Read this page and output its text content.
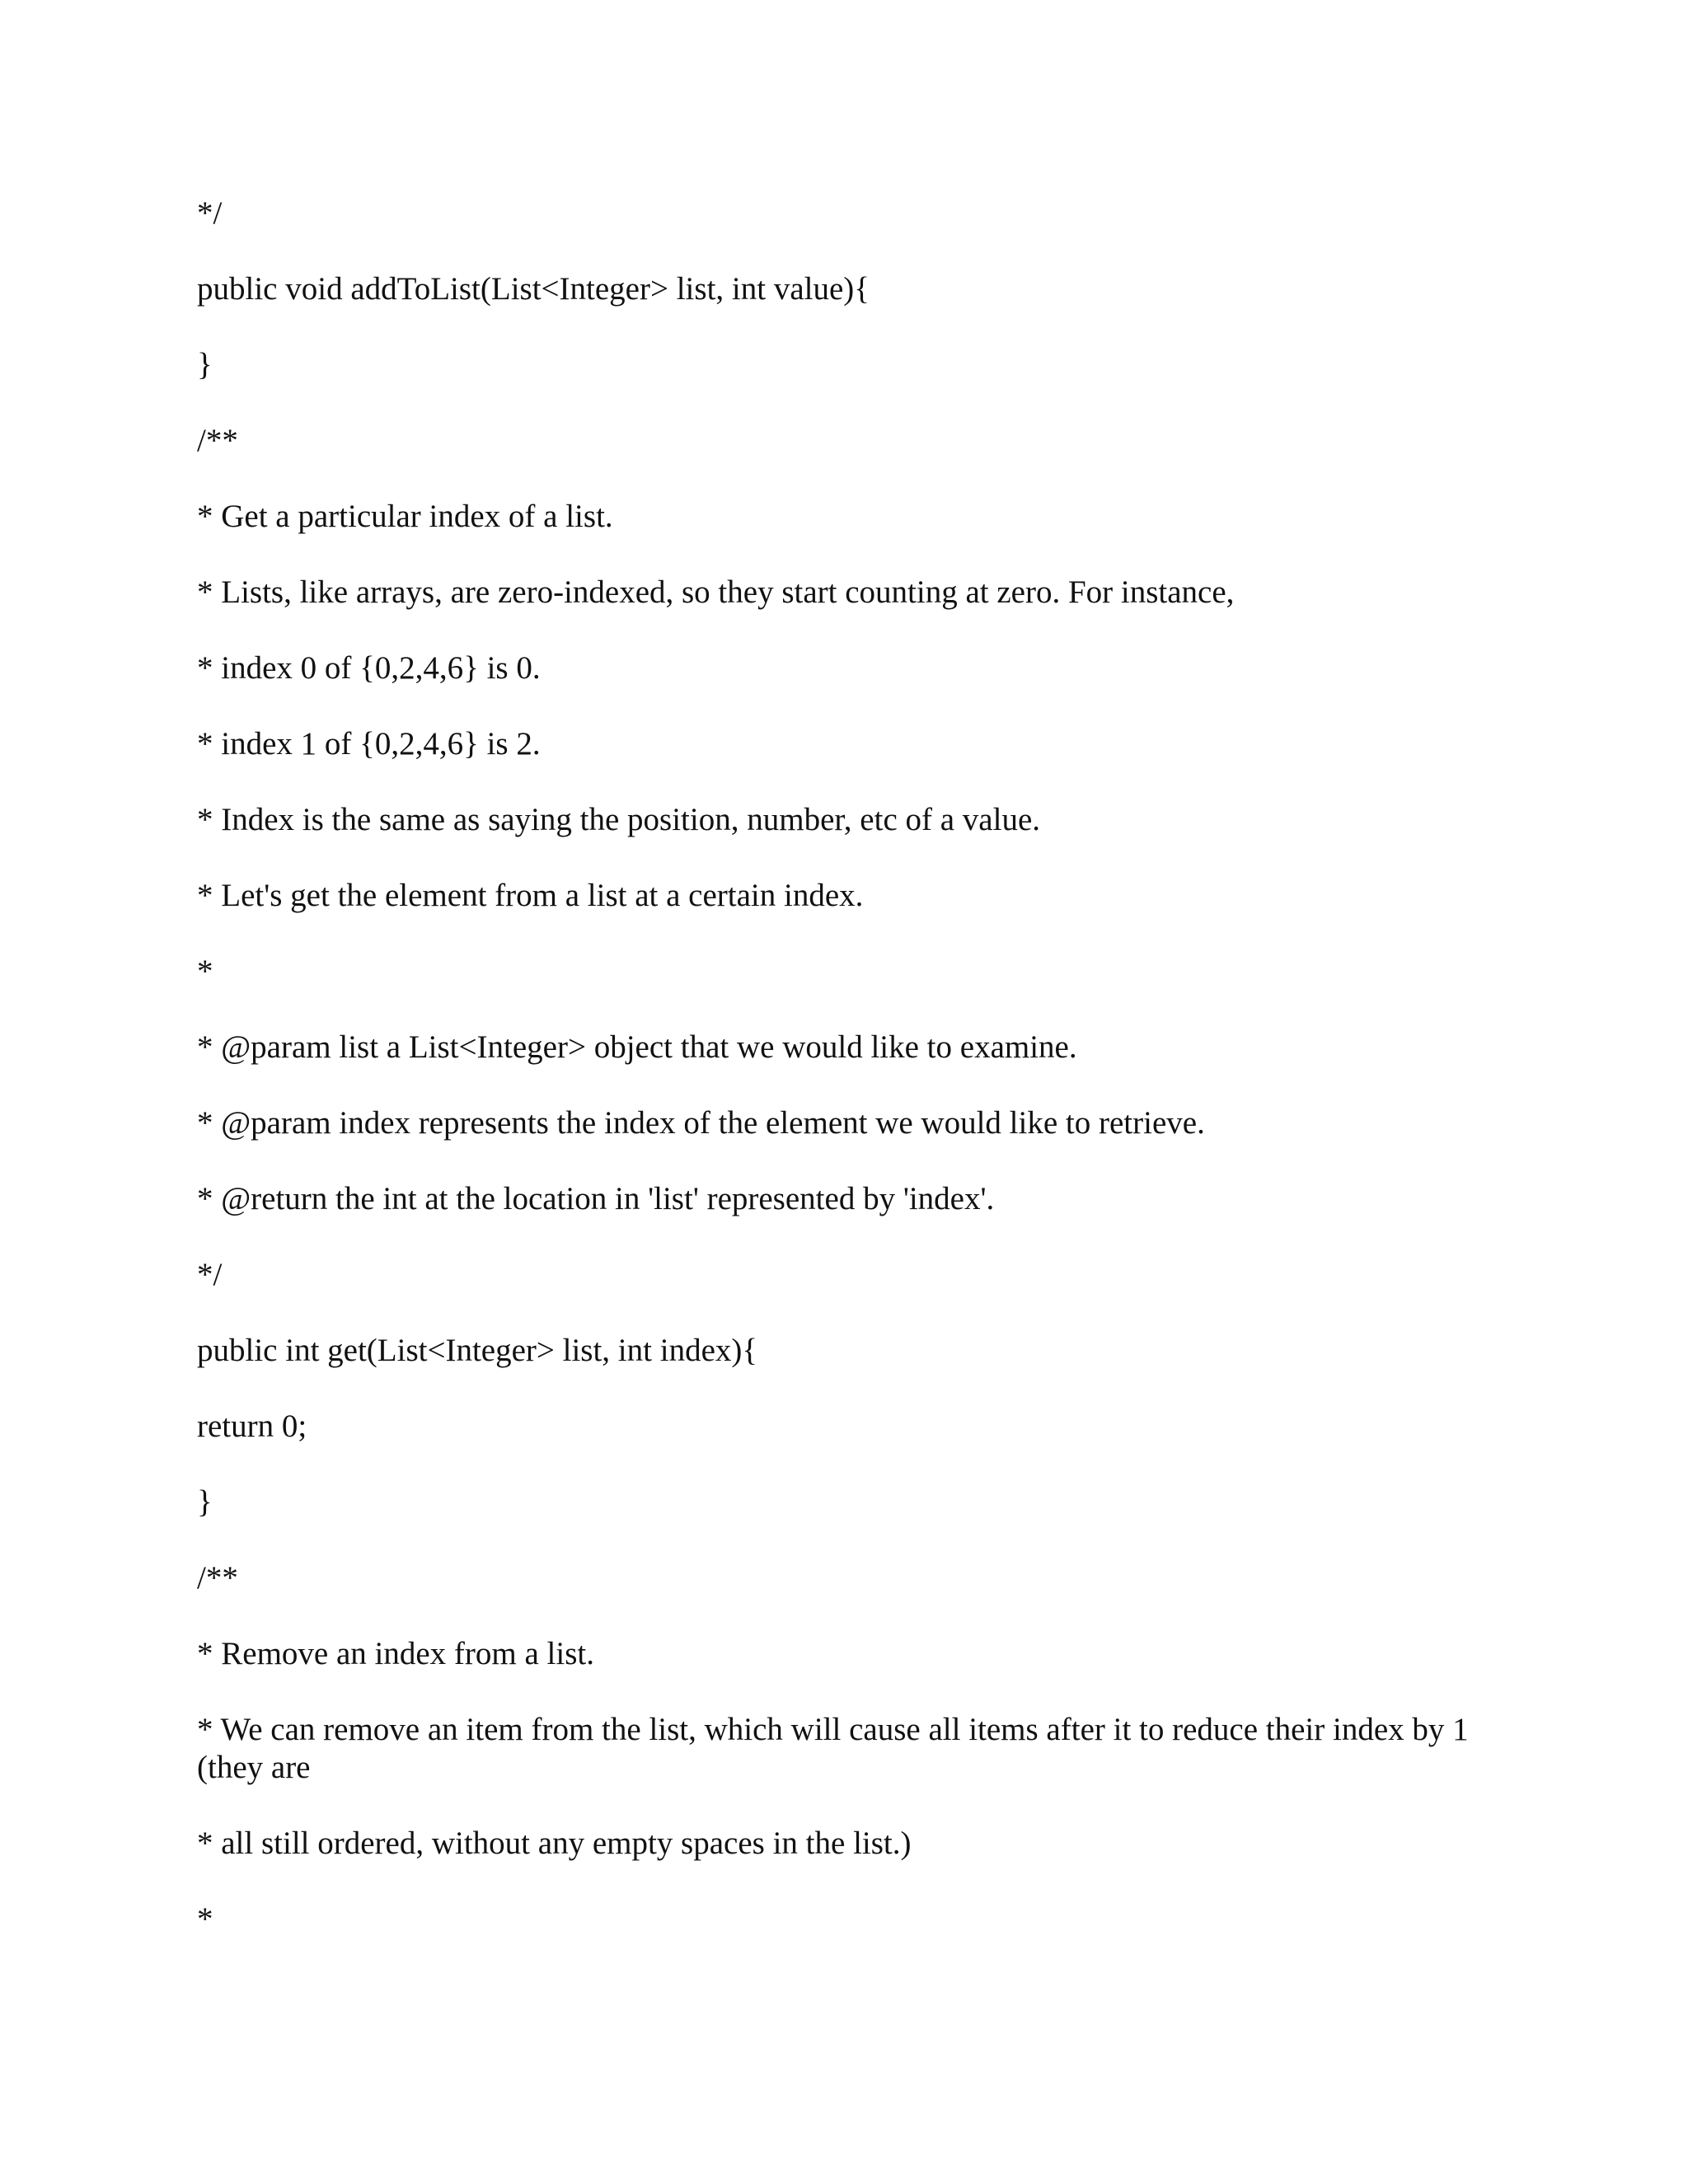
*/
public void addToList(List<Integer> list, int value){
}
/**
* Get a particular index of a list.
* Lists, like arrays, are zero-indexed, so they start counting at zero. For instance,
* index 0 of {0,2,4,6} is 0.
* index 1 of {0,2,4,6} is 2.
* Index is the same as saying the position, number, etc of a value.
* Let's get the element from a list at a certain index.
*
* @param list a List<Integer> object that we would like to examine.
* @param index represents the index of the element we would like to retrieve.
* @return the int at the location in 'list' represented by 'index'.
*/
public int get(List<Integer> list, int index){
return 0;
}
/**
* Remove an index from a list.
* We can remove an item from the list, which will cause all items after it to reduce their index by 1 (they are
* all still ordered, without any empty spaces in the list.)
*
